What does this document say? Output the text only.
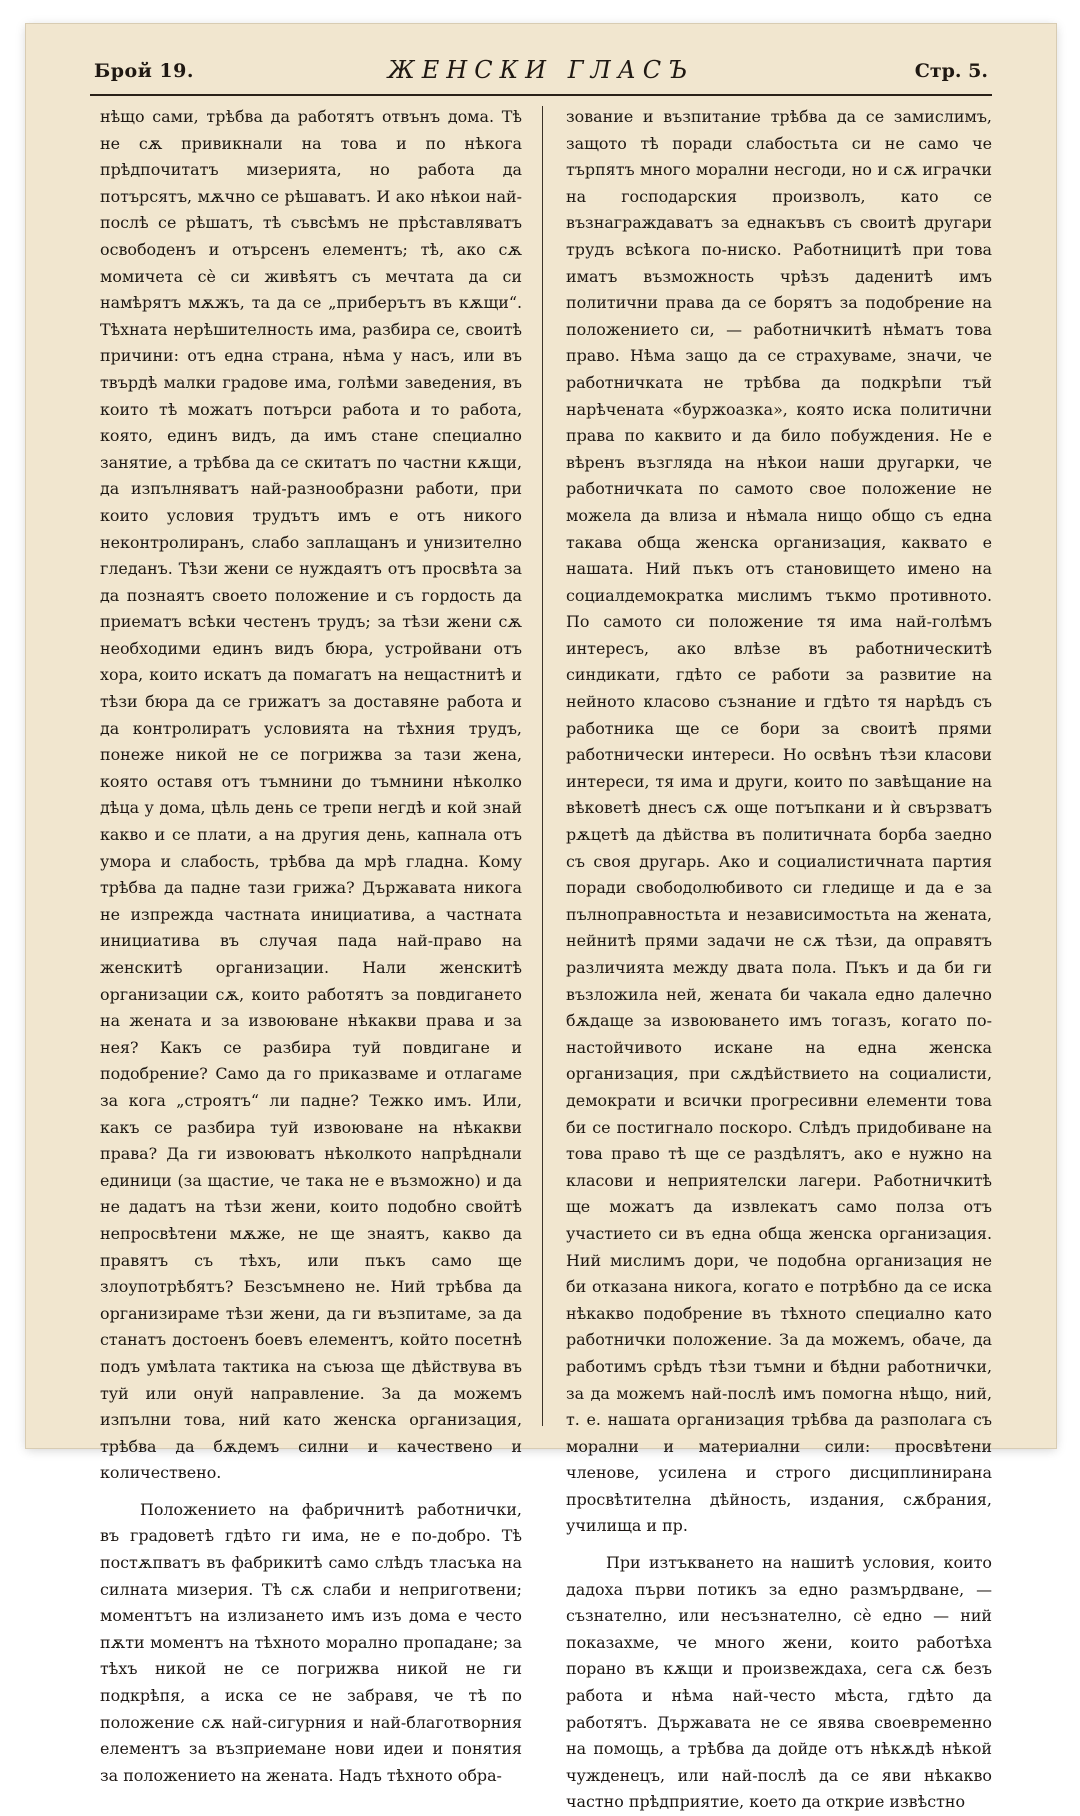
Брой 19.	ЖЕНСКИ ГЛАСЪ	Стр. 5.

нѣщо сами, трѣбва да работятъ отвънъ дома. Тѣ не сѫ привикнали на това и по нѣкога прѣдпочитатъ мизерията, но работа да потърсятъ, мѫчно се рѣшаватъ. И ако нѣкои най-послѣ се рѣшатъ, тѣ съвсѣмъ не прѣставляватъ освободенъ и отърсенъ елементъ; тѣ, ако сѫ момичета сѐ си живѣятъ съ мечтата да си намѣрятъ мѫжъ, та да се „приберътъ въ кѫщи“. Тѣхната нерѣшителность има, разбира се, своитѣ причини: отъ една страна, нѣма у насъ, или въ твърдѣ малки градове има, голѣми заведения, въ които тѣ можатъ потърси работа и то работа, която, единъ видъ, да имъ стане специално занятие, а трѣбва да се скитатъ по частни кѫщи, да изпълняватъ най-разнообразни работи, при които условия трудътъ имъ е отъ никого неконтролиранъ, слабо заплащанъ и унизително гледанъ. Тѣзи жени се нуждаятъ отъ просвѣта за да познаятъ своето положение и съ гордость да приематъ всѣки честенъ трудъ; за тѣзи жени сѫ необходими единъ видъ бюра, устройвани отъ хора, които искатъ да помагатъ на нещастнитѣ и тѣзи бюра да се грижатъ за доставяне работа и да контролиратъ условията на тѣхния трудъ, понеже никой не се погрижва за тази жена, която оставя отъ тъмнини до тъмнини нѣколко дѣца у дома, цѣль день се трепи негдѣ и кой знай какво и се плати, а на другия день, капнала отъ умора и слабость, трѣбва да мрѣ гладна. Кому трѣбва да падне тази грижа? Държавата никога не изпрежда частната инициатива, а частната инициатива въ случая пада най-право на женскитѣ организации. Нали женскитѣ организации сѫ, които работятъ за повдигането на жената и за извоюване нѣкакви права и за нея? Какъ се разбира туй повдигане и подобрение? Само да го приказваме и отлагаме за кога „строятъ“ ли падне? Тежко имъ. Или, какъ се разбира туй извоюване на нѣкакви права? Да ги извоюватъ нѣколкото напрѣднали единици (за щастие, че така не е възможно) и да не дадатъ на тѣзи жени, които подобно свойтѣ непросвѣтени мѫже, не ще знаятъ, какво да правятъ съ тѣхъ, или пъкъ само ще злоупотрѣбятъ? Безсъмнено не. Ний трѣбва да организираме тѣзи жени, да ги възпитаме, за да станатъ достоенъ боевъ елементъ, който посетнѣ подъ умѣлата тактика на съюза ще дѣйствува въ туй или онуй направление. За да можемъ изпълни това, ний като женска организация, трѣбва да бѫдемъ силни и качествено и количествено.

Положението на фабричнитѣ работнички, въ градоветѣ гдѣто ги има, не е по-добро. Тѣ постѫпватъ въ фабрикитѣ само слѣдъ тласъка на силната мизерия. Тѣ сѫ слаби и неприготвени; моментътъ на излизането имъ изъ дома е често пѫти моментъ на тѣхното морално пропадане; за тѣхъ никой не се погрижва никой не ги подкрѣпя, а иска се не забравя, че тѣ по положение сѫ най-сигурния и най-благотворния елементъ за възприемане нови идеи и понятия за положението на жената. Надъ тѣхното обра-

зование и възпитание трѣбва да се замислимъ, защото тѣ поради слабостьта си не само че търпятъ много морални несгоди, но и сѫ играчки на господарския произволъ, като се възнаграждаватъ за еднакъвъ съ своитѣ другари трудъ всѣкога по-ниско. Работницитѣ при това иматъ възможность чрѣзъ даденитѣ имъ политични права да се борятъ за подобрение на положението си, — работничкитѣ нѣматъ това право. Нѣма защо да се страхуваме, значи, че работничката не трѣбва да подкрѣпи тъй нарѣчената «буржоазка», която иска политични права по каквито и да било побуждения. Не е вѣренъ възгляда на нѣкои наши другарки, че работничката по самото свое положение не можела да влиза и нѣмала нищо общо съ една такава обща женска организация, каквато е нашата. Ний пъкъ отъ становището имено на социалдемократка мислимъ тъкмо противното. По самото си положение тя има най-голѣмъ интересъ, ако влѣзе въ работническитѣ синдикати, гдѣто се работи за развитие на нейното класово съзнание и гдѣто тя нарѣдъ съ работника ще се бори за своитѣ прями работнически интереси. Но освѣнъ тѣзи класови интереси, тя има и други, които по завѣщание на вѣковетѣ днесъ сѫ още потъпкани и ѝ свързватъ рѫцетѣ да дѣйства въ политичната борба заедно съ своя другарь. Ако и социалистичната партия поради свободолюбивото си гледище и да е за пълноправностьта и независимостьта на жената, нейнитѣ прями задачи не сѫ тѣзи, да оправятъ различията между двата пола. Пъкъ и да би ги възложила ней, жената би чакала едно далечно бѫдаще за извоюването имъ тогазъ, когато по-настойчивото искане на една женска организация, при сѫдѣйствието на социалисти, демократи и всички прогресивни елементи това би се постигнало поскоро. Слѣдъ придобиване на това право тѣ ще се раздѣлятъ, ако е нужно на класови и неприятелски лагери. Работничкитѣ ще можатъ да извлекатъ само полза отъ участието си въ една обща женска организация. Ний мислимъ дори, че подобна организация не би отказана никога, когато е потрѣбно да се иска нѣкакво подобрение въ тѣхното специално като работнички положение. За да можемъ, обаче, да работимъ срѣдъ тѣзи тъмни и бѣдни работнички, за да можемъ най-послѣ имъ помогна нѣщо, ний, т. е. нашата организация трѣбва да разполага съ морални и материални сили: просвѣтени членове, усилена и строго дисциплинирана просвѣтителна дѣйность, издания, сѫбрания, училища и пр.

При изтъкването на нашитѣ условия, които дадоха първи потикъ за едно размърдване, — съзнателно, или несъзнателно, сѐ едно — ний показахме, че много жени, които работѣха порано въ кѫщи и произвеждаха, сега сѫ безъ работа и нѣма най-често мѣста, гдѣто да работятъ. Държавата не се явява своевременно на помощь, а трѣбва да дойде отъ нѣкѫдѣ нѣкой чужденецъ, или най-послѣ да се яви нѣкакво частно прѣдприятие, което да открие извѣстно
